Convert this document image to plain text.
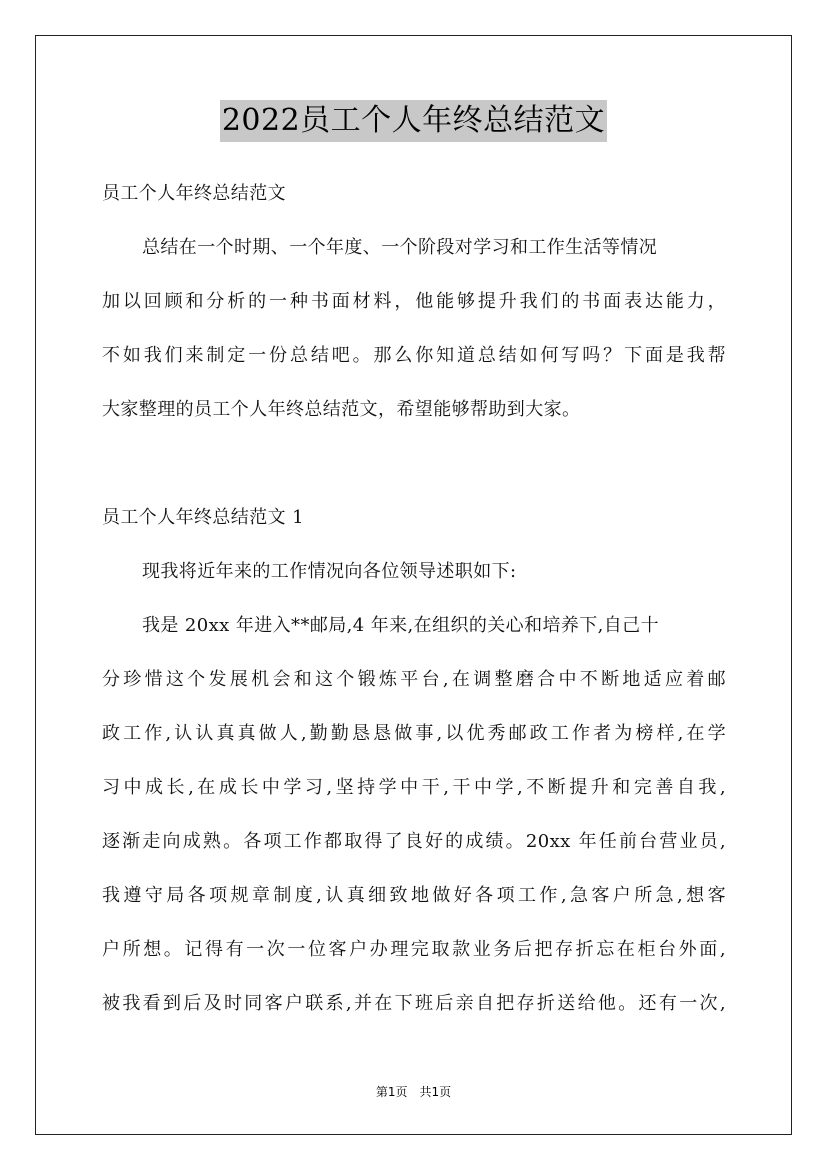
2022员工个人年终总结范文
员工个人年终总结范文
总结在一个时期、一个年度、一个阶段对学习和工作生活等情况
加以回顾和分析的一种书面材料，他能够提升我们的书面表达能力，
不如我们来制定一份总结吧。那么你知道总结如何写吗？下面是我帮
大家整理的员工个人年终总结范文，希望能够帮助到大家。
员工个人年终总结范文 1
现我将近年来的工作情况向各位领导述职如下:
我是 20xx 年进入**邮局,4 年来,在组织的关心和培养下,自己十
分珍惜这个发展机会和这个锻炼平台,在调整磨合中不断地适应着邮
政工作,认认真真做人,勤勤恳恳做事,以优秀邮政工作者为榜样,在学
习中成长,在成长中学习,坚持学中干,干中学,不断提升和完善自我,
逐渐走向成熟。各项工作都取得了良好的成绩。20xx 年任前台营业员,
我遵守局各项规章制度,认真细致地做好各项工作,急客户所急,想客
户所想。记得有一次一位客户办理完取款业务后把存折忘在柜台外面,
被我看到后及时同客户联系,并在下班后亲自把存折送给他。还有一次,
第1页 共1页
